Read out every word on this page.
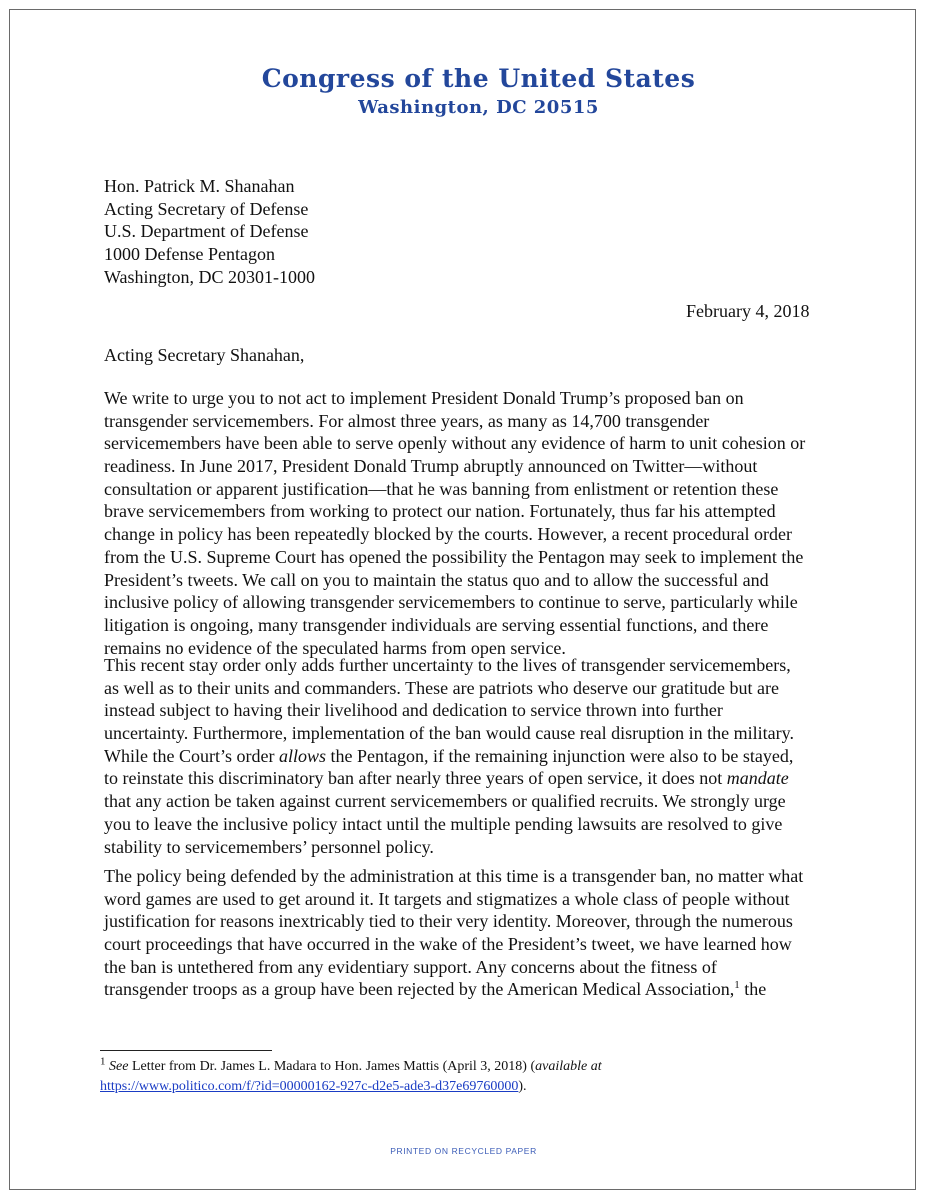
Congress of the United States
Washington, DC 20515
Hon. Patrick M. Shanahan
Acting Secretary of Defense
U.S. Department of Defense
1000 Defense Pentagon
Washington, DC 20301-1000
February 4, 2018
Acting Secretary Shanahan,
We write to urge you to not act to implement President Donald Trump’s proposed ban on
transgender servicemembers. For almost three years, as many as 14,700 transgender
servicemembers have been able to serve openly without any evidence of harm to unit cohesion or
readiness. In June 2017, President Donald Trump abruptly announced on Twitter—without
consultation or apparent justification—that he was banning from enlistment or retention these
brave servicemembers from working to protect our nation. Fortunately, thus far his attempted
change in policy has been repeatedly blocked by the courts. However, a recent procedural order
from the U.S. Supreme Court has opened the possibility the Pentagon may seek to implement the
President’s tweets. We call on you to maintain the status quo and to allow the successful and
inclusive policy of allowing transgender servicemembers to continue to serve, particularly while
litigation is ongoing, many transgender individuals are serving essential functions, and there
remains no evidence of the speculated harms from open service.
This recent stay order only adds further uncertainty to the lives of transgender servicemembers,
as well as to their units and commanders. These are patriots who deserve our gratitude but are
instead subject to having their livelihood and dedication to service thrown into further
uncertainty. Furthermore, implementation of the ban would cause real disruption in the military.
While the Court’s order allows the Pentagon, if the remaining injunction were also to be stayed,
to reinstate this discriminatory ban after nearly three years of open service, it does not mandate
that any action be taken against current servicemembers or qualified recruits. We strongly urge
you to leave the inclusive policy intact until the multiple pending lawsuits are resolved to give
stability to servicemembers’ personnel policy.
The policy being defended by the administration at this time is a transgender ban, no matter what
word games are used to get around it. It targets and stigmatizes a whole class of people without
justification for reasons inextricably tied to their very identity. Moreover, through the numerous
court proceedings that have occurred in the wake of the President’s tweet, we have learned how
the ban is untethered from any evidentiary support. Any concerns about the fitness of
transgender troops as a group have been rejected by the American Medical Association,$^1$ the
$^1$ See Letter from Dr. James L. Madara to Hon. James Mattis (April 3, 2018) (available at
https://www.politico.com/f/?id=00000162-927c-d2e5-ade3-d37e69760000).
PRINTED ON RECYCLED PAPER
